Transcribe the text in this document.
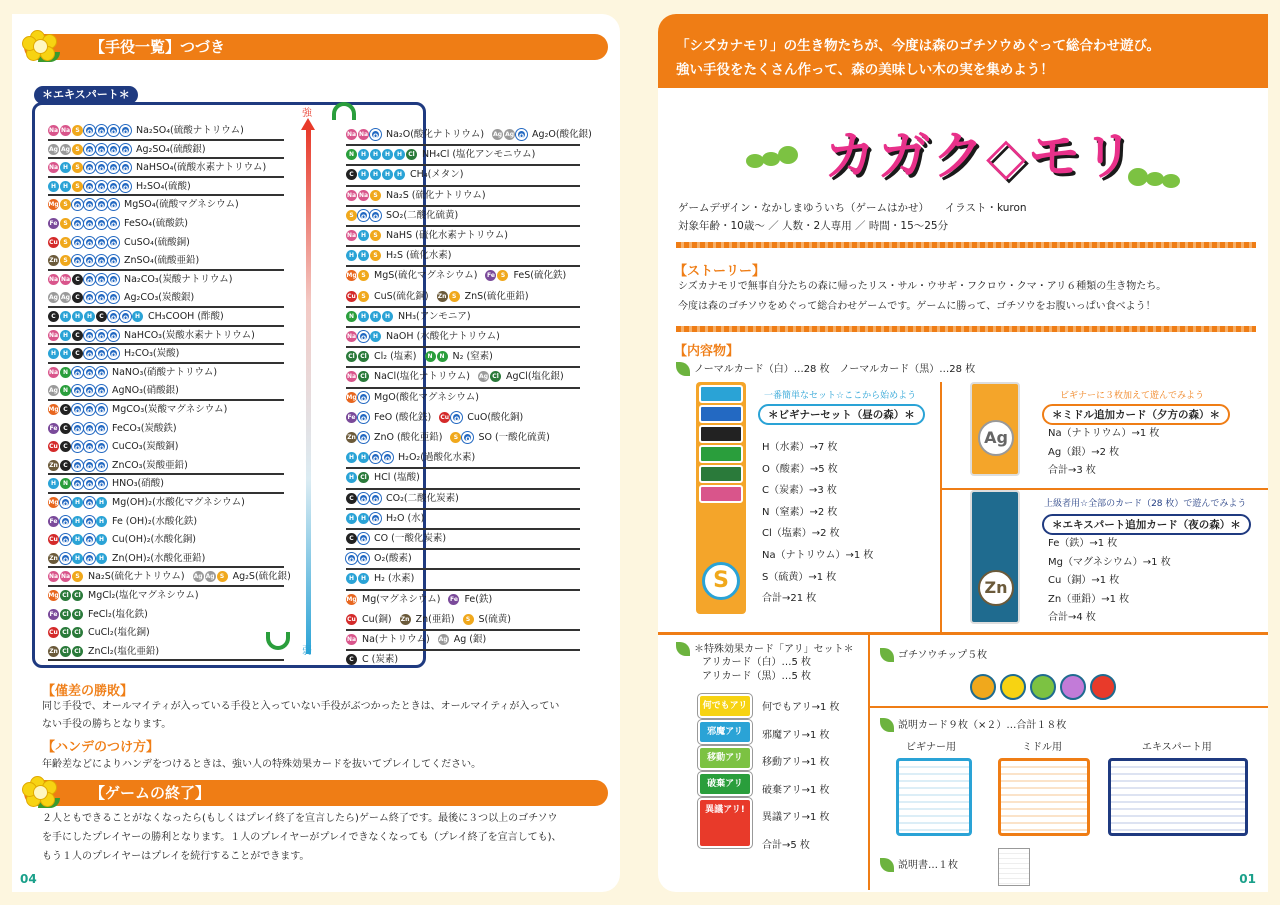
【手役一覧】つづき
＊エキスパート＊
強
弱
【僅差の勝敗】
同じ手役で、オールマイティが入っている手役と入っていない手役がぶつかったときは、オールマイティが入ってい
ない手役の勝ちとなります。
【ハンデのつけ方】
年齢差などによりハンデをつけるときは、強い人の特殊効果カードを抜いてプレイしてください。
【ゲームの終了】
２人ともできることがなくなったら(もしくはプレイ終了を宣言したら)ゲーム終了です。最後に３つ以上のゴチソウ
を手にしたプレイヤーの勝利となります。１人のプレイヤーがプレイできなくなっても（プレイ終了を宣言しても)、
もう１人のプレイヤーはプレイを続行することができます。
04
Na Na S	O	O	O	O Na₂SO₄(硫酸ナトリウム)
Ag Ag S	O	O	O	O Ag₂SO₄(硫酸銀)
Na H	S	O	O	O	O NaHSO₄(硫酸水素ナトリウム)
H	H	S	O	O	O	O H₂SO₄(硫酸)
Mg S	O	O	O	O MgSO₄(硫酸マグネシウム)
Fe S	O	O	O	O FeSO₄(硫酸鉄)
Cu S	O	O	O	O CuSO₄(硫酸銅)
Zn S	O	O	O	O ZnSO₄(硫酸亜鉛)
Na Na C	O	O	O Na₂CO₃(炭酸ナトリウム)
Ag Ag C	O	O	O Ag₂CO₃(炭酸銀)
C	H	H	H	C	O	O	H CH₃COOH (酢酸)
Na H	C	O	O	O NaHCO₃(炭酸水素ナトリウム)
H	H	C	O	O	O H₂CO₃(炭酸)
Na N	O	O	O NaNO₃(硝酸ナトリウム)
Ag N	O	O	O AgNO₃(硝酸銀)
Mg C	O	O	O MgCO₃(炭酸マグネシウム)
Fe C	O	O	O FeCO₃(炭酸鉄)
Cu C	O	O	O CuCO₃(炭酸銅)
Zn C	O	O	O ZnCO₃(炭酸亜鉛)
H	N	O	O	O HNO₃(硝酸)
Mg O	H	O	H Mg(OH)₂(水酸化マグネシウム)
Fe O	H	O	H Fe (OH)₂(水酸化鉄)
Cu O	H	O	H Cu(OH)₂(水酸化銅)
Zn O	H	O	H Zn(OH)₂(水酸化亜鉛)
Na Na S Na₂S(硫化ナトリウム) Ag Ag S Ag₂S(硫化銀)
Mg Cl Cl MgCl₂(塩化マグネシウム)
Fe Cl Cl FeCl₂(塩化鉄)
Cu Cl Cl CuCl₂(塩化銅)
Zn Cl Cl ZnCl₂(塩化亜鉛)
Na Na O Na₂O(酸化ナトリウム) Ag Ag O Ag₂O(酸化銀)
N	H	H	H	H	Cl NH₄Cl (塩化アンモニウム)
C	H	H	H	H CH₄(メタン)
Na Na S Na₂S (硫化ナトリウム)
S	O	O SO₂(二酸化硫黄)
Na H	S NaHS (硫化水素ナトリウム)
H	H	S H₂S (硫化水素)
Mg S MgS(硫化マグネシウム) Fe S FeS(硫化鉄)
Cu S CuS(硫化銅) Zn S ZnS(硫化亜鉛)
N	H	H	H NH₃(アンモニア)
Na O	H NaOH (水酸化ナトリウム)
Cl Cl Cl₂ (塩素)	N	N N₂ (窒素)
Na Cl NaCl(塩化ナトリウム) Ag Cl AgCl(塩化銀)
Mg O MgO(酸化マグネシウム)
Fe O FeO (酸化鉄) Cu O CuO(酸化銅)
Zn O ZnO (酸化亜鉛)	S	O SO (一酸化硫黄)
H	H	O	O H₂O₂(過酸化水素)
H	Cl HCl (塩酸)
C	O	O CO₂(二酸化炭素)
H	H	O H₂O (水)
C	O CO (一酸化炭素)
O	O O₂(酸素)
H	H H₂ (水素)
Mg Mg(マグネシウム) Fe Fe(鉄)
Cu Cu(銅) Zn Zn(亜鉛)	S S(硫黄)
Na Na(ナトリウム) Ag Ag (銀)
C C (炭素)
「シズカナモリ」の生き物たちが、今度は森のゴチソウめぐって総合わせ遊び。
強い手役をたくさん作って、森の美味しい木の実を集めよう！
カガク◇モリ
ゲームデザイン・なかしまゆういち（ゲームはかせ）　　イラスト・kuron
対象年齢・10歳〜 ／ 人数・2人専用 ／ 時間・15〜25分
【ストーリー】
シズカナモリで無事自分たちの森に帰ったリス・サル・ウサギ・フクロウ・クマ・アリ６種類の生き物たち。
今度は森のゴチソウをめぐって総合わせゲームです。ゲームに勝って、ゴチソウをお腹いっぱい食べよう！
【内容物】
ノーマルカード（白）…28 枚　ノーマルカード（黒）…28 枚
S
一番簡単なセット☆ここから始めよう
＊ビギナーセット（昼の森）＊
Ag
ビギナーに３枚加えて遊んでみよう
＊ミドル追加カード（夕方の森）＊
Zn
上級者用☆全部のカード（28 枚）で遊んでみよう
＊エキスパート追加カード（夜の森）＊
＊特殊効果カード「アリ」セット＊
アリカード（白）…5 枚
アリカード（黒）…5 枚
ゴチソウチップ５枚
説明カード９枚（×２）…合計１８枚
ビギナー用	ミドル用	エキスパート用
説明書…１枚
01
H（水素）→7 枚
O（酸素）→5 枚
C（炭素）→3 枚
N（窒素）→2 枚
Cl（塩素）→2 枚
Na（ナトリウム）→1 枚
S（硫黄）→1 枚
合計→21 枚
Na（ナトリウム）→1 枚
Ag（銀）→2 枚
合計→3 枚
Fe（鉄）→1 枚
Mg（マグネシウム）→1 枚
Cu（銅）→1 枚
Zn（亜鉛）→1 枚
合計→4 枚
何でもアリ→1 枚
邪魔アリ→1 枚
移動アリ→1 枚
破棄アリ→1 枚
異議アリ→1 枚
合計→5 枚
何でもアリ
邪魔アリ
移動アリ
破棄アリ
異議アリ!
